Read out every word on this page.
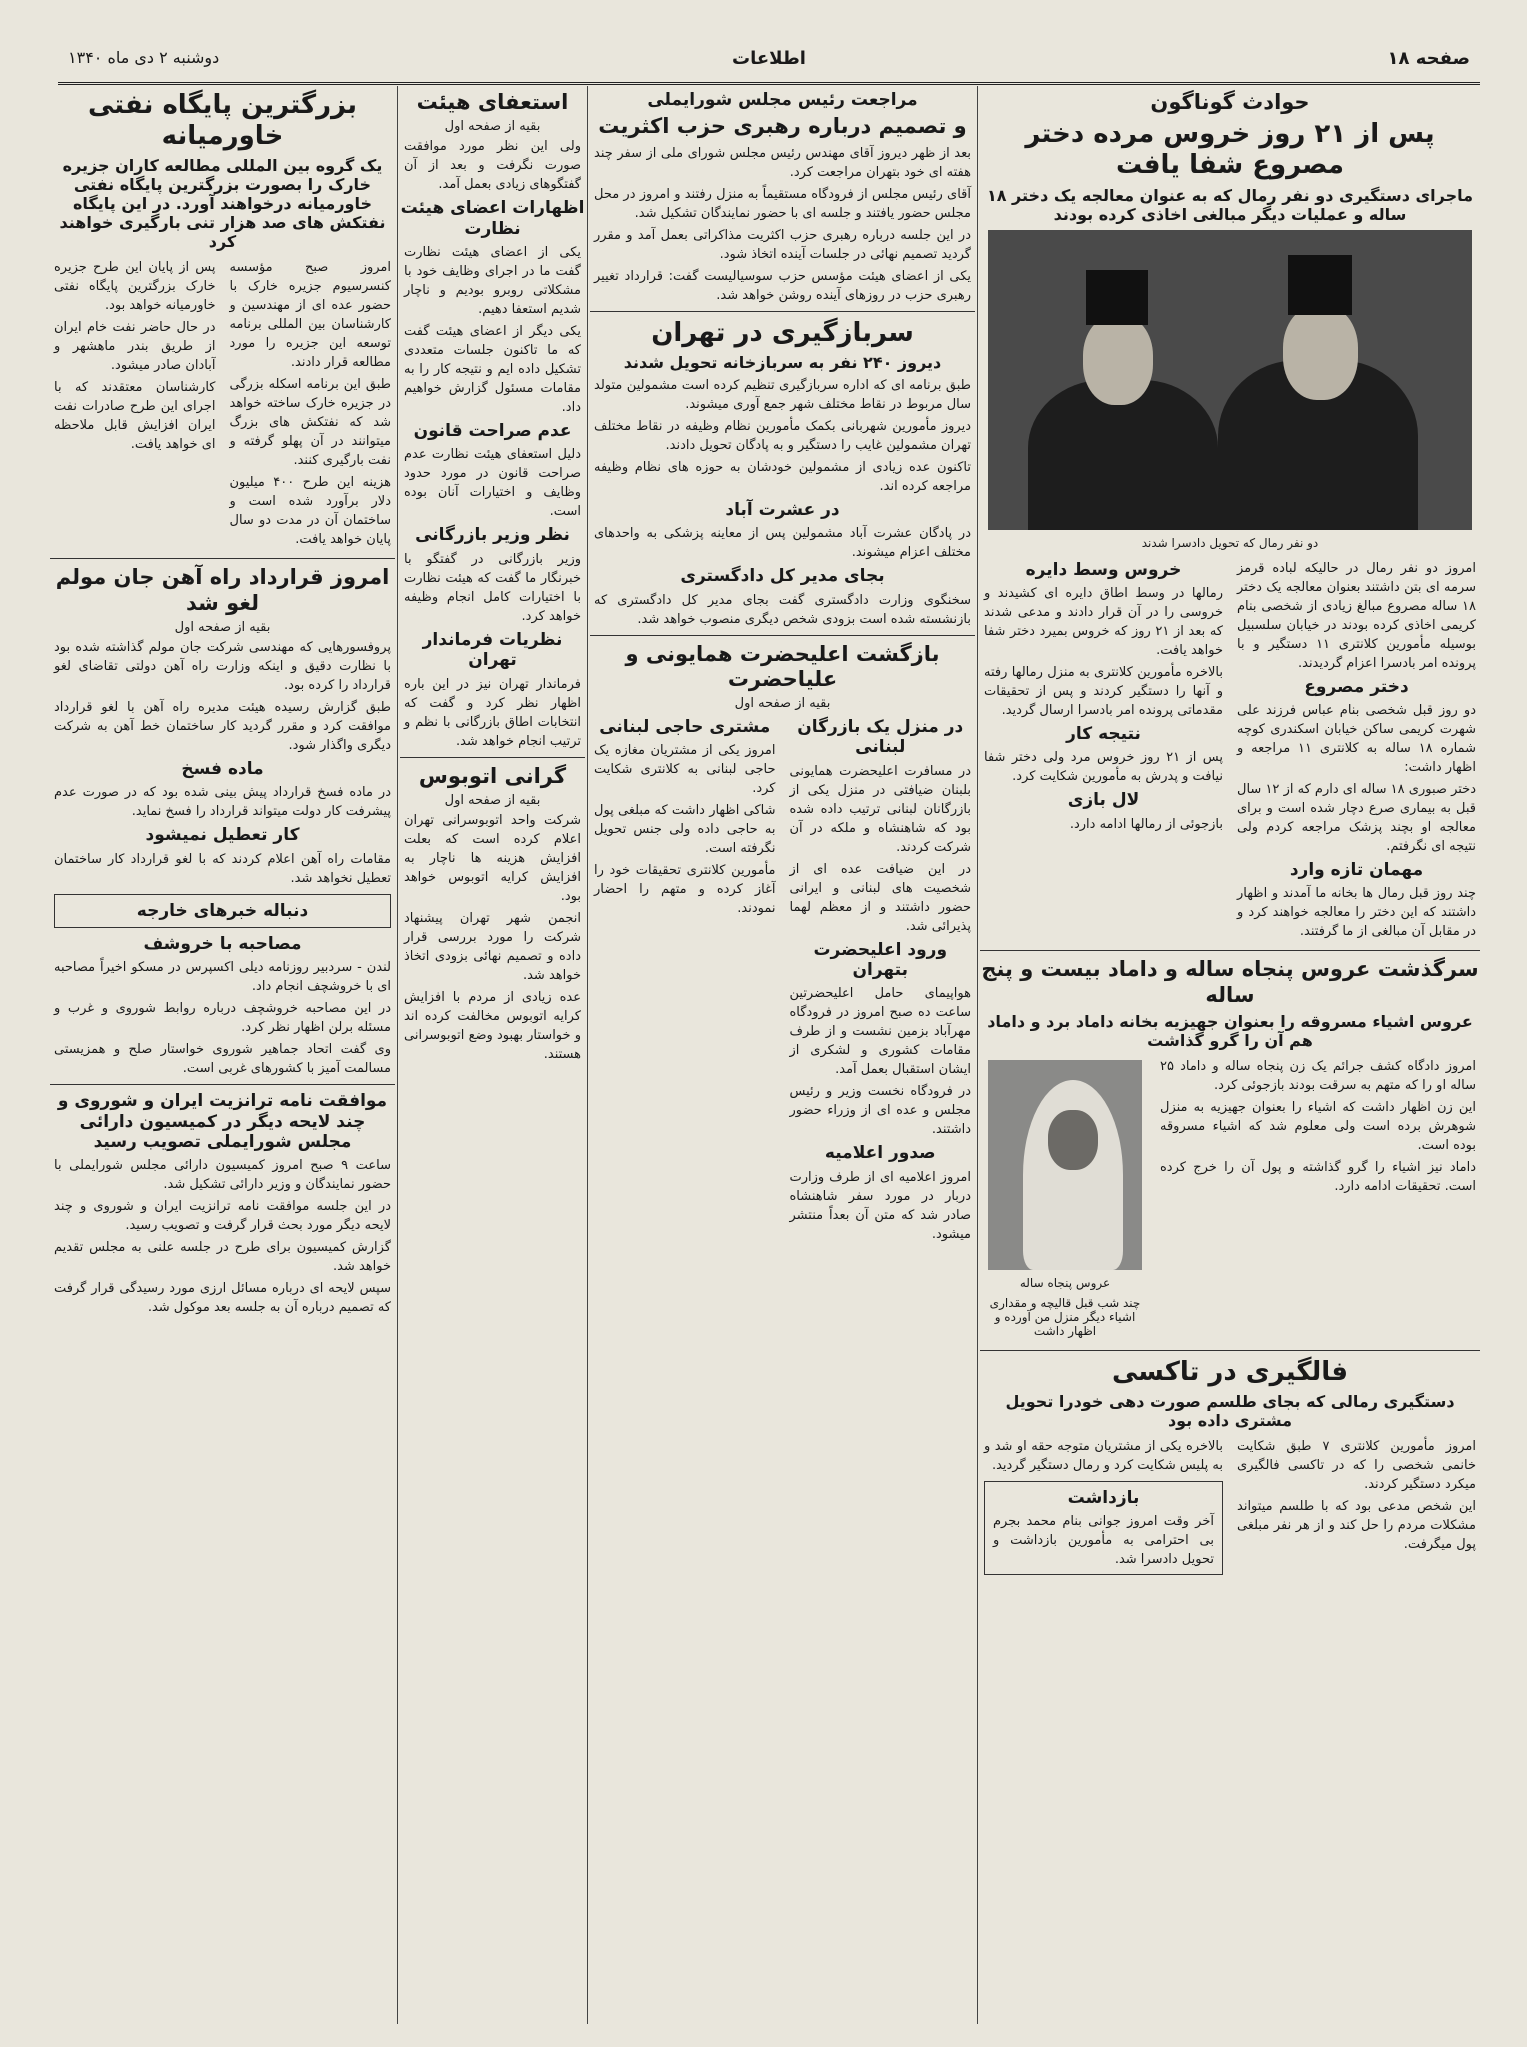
صفحه ۱۸
اطلاعات
دوشنبه ۲ دی ماه ۱۳۴۰
حوادث گوناگون
پس از ۲۱ روز خروس مرده دختر مصروع شفا یافت
ماجرای دستگیری دو نفر رمال که به عنوان معالجه یک دختر ۱۸ ساله و عملیات دیگر مبالغی اخاذی کرده بودند
دو نفر رمال که تحویل دادسرا شدند

امروز دو نفر رمال در حالیکه لباده قرمز سرمه ای بتن داشتند بعنوان معالجه یک دختر ۱۸ ساله مصروع مبالغ زیادی از شخصی بنام کریمی اخاذی کرده بودند در خیابان سلسبیل بوسیله مأمورین کلانتری ۱۱ دستگیر و با پرونده امر بادسرا اعزام گردیدند.

دختر مصروع

دو روز قبل شخصی بنام عباس فرزند علی شهرت کریمی ساکن خیابان اسکندری کوچه شماره ۱۸ ساله به کلانتری ۱۱ مراجعه و اظهار داشت:

دختر صبوری ۱۸ ساله ای دارم که از ۱۲ سال قبل به بیماری صرع دچار شده است و برای معالجه او بچند پزشک مراجعه کردم ولی نتیجه ای نگرفتم.

مهمان تازه وارد

چند روز قبل رمال ها بخانه ما آمدند و اظهار داشتند که این دختر را معالجه خواهند کرد و در مقابل آن مبالغی از ما گرفتند.

خروس وسط دایره

رمالها در وسط اطاق دایره ای کشیدند و خروسی را در آن قرار دادند و مدعی شدند که بعد از ۲۱ روز که خروس بمیرد دختر شفا خواهد یافت.

بالاخره مأمورین کلانتری به منزل رمالها رفته و آنها را دستگیر کردند و پس از تحقیقات مقدماتی پرونده امر بادسرا ارسال گردید.

نتیجه کار

پس از ۲۱ روز خروس مرد ولی دختر شفا نیافت و پدرش به مأمورین شکایت کرد.

لال بازی

بازجوئی از رمالها ادامه دارد.

سرگذشت عروس پنجاه ساله و داماد بیست و پنج ساله
عروس اشیاء مسروقه را بعنوان جهیزیه بخانه داماد برد و داماد هم آن را گرو گذاشت

امروز دادگاه کشف جرائم یک زن پنجاه ساله و داماد ۲۵ ساله او را که متهم به سرقت بودند بازجوئی کرد.

این زن اظهار داشت که اشیاء را بعنوان جهیزیه به منزل شوهرش برده است ولی معلوم شد که اشیاء مسروقه بوده است.

داماد نیز اشیاء را گرو گذاشته و پول آن را خرج کرده است. تحقیقات ادامه دارد.

عروس پنجاه ساله
چند شب قبل قالیچه و مقداری اشیاء دیگر منزل من آورده و اظهار داشت
فالگیری در تاکسی
دستگیری رمالی که بجای طلسم صورت دهی خودرا تحویل مشتری داده بود

امروز مأمورین کلانتری ۷ طبق شکایت خانمی شخصی را که در تاکسی فالگیری میکرد دستگیر کردند.

این شخص مدعی بود که با طلسم میتواند مشکلات مردم را حل کند و از هر نفر مبلغی پول میگرفت.

بالاخره یکی از مشتریان متوجه حقه او شد و به پلیس شکایت کرد و رمال دستگیر گردید.

بازداشت

آخر وقت امروز جوانی بنام محمد بجرم بی احترامی به مأمورین بازداشت و تحویل دادسرا شد.

مراجعت رئیس مجلس شورایملی
و تصمیم درباره رهبری حزب اکثریت

بعد از ظهر دیروز آقای مهندس رئیس مجلس شورای ملی از سفر چند هفته ای خود بتهران مراجعت کرد.

آقای رئیس مجلس از فرودگاه مستقیماً به منزل رفتند و امروز در محل مجلس حضور یافتند و جلسه ای با حضور نمایندگان تشکیل شد.

در این جلسه درباره رهبری حزب اکثریت مذاکراتی بعمل آمد و مقرر گردید تصمیم نهائی در جلسات آینده اتخاذ شود.

یکی از اعضای هیئت مؤسس حزب سوسیالیست گفت: قرارداد تغییر رهبری حزب در روزهای آینده روشن خواهد شد.

سربازگیری در تهران
دیروز ۲۴۰ نفر به سربازخانه تحویل شدند

طبق برنامه ای که اداره سربازگیری تنظیم کرده است مشمولین متولد سال مربوط در نقاط مختلف شهر جمع آوری میشوند.

دیروز مأمورین شهربانی بکمک مأمورین نظام وظیفه در نقاط مختلف تهران مشمولین غایب را دستگیر و به پادگان تحویل دادند.

تاکنون عده زیادی از مشمولین خودشان به حوزه های نظام وظیفه مراجعه کرده اند.

در عشرت آباد

در پادگان عشرت آباد مشمولین پس از معاینه پزشکی به واحدهای مختلف اعزام میشوند.

بجای مدیر کل دادگستری

سخنگوی وزارت دادگستری گفت بجای مدیر کل دادگستری که بازنشسته شده است بزودی شخص دیگری منصوب خواهد شد.

بازگشت اعلیحضرت همایونی و علیاحضرت
بقیه از صفحه اول
در منزل یک بازرگان لبنانی

در مسافرت اعلیحضرت همایونی بلبنان ضیافتی در منزل یکی از بازرگانان لبنانی ترتیب داده شده بود که شاهنشاه و ملکه در آن شرکت کردند.

در این ضیافت عده ای از شخصیت های لبنانی و ایرانی حضور داشتند و از معظم لهما پذیرائی شد.

ورود اعلیحضرت بتهران

هواپیمای حامل اعلیحضرتین ساعت ده صبح امروز در فرودگاه مهرآباد بزمین نشست و از طرف مقامات کشوری و لشکری از ایشان استقبال بعمل آمد.

در فرودگاه نخست وزیر و رئیس مجلس و عده ای از وزراء حضور داشتند.

صدور اعلامیه

امروز اعلامیه ای از طرف وزارت دربار در مورد سفر شاهنشاه صادر شد که متن آن بعداً منتشر میشود.

مشتری حاجی لبنانی

امروز یکی از مشتریان مغازه یک حاجی لبنانی به کلانتری شکایت کرد.

شاکی اظهار داشت که مبلغی پول به حاجی داده ولی جنس تحویل نگرفته است.

مأمورین کلانتری تحقیقات خود را آغاز کرده و متهم را احضار نمودند.

استعفای هیئت
بقیه از صفحه اول

ولی این نظر مورد موافقت صورت نگرفت و بعد از آن گفتگوهای زیادی بعمل آمد.

اظهارات اعضای هیئت نظارت

یکی از اعضای هیئت نظارت گفت ما در اجرای وظایف خود با مشکلاتی روبرو بودیم و ناچار شدیم استعفا دهیم.

یکی دیگر از اعضای هیئت گفت که ما تاکنون جلسات متعددی تشکیل داده ایم و نتیجه کار را به مقامات مسئول گزارش خواهیم داد.

عدم صراحت قانون

دلیل استعفای هیئت نظارت عدم صراحت قانون در مورد حدود وظایف و اختیارات آنان بوده است.

نظر وزیر بازرگانی

وزیر بازرگانی در گفتگو با خبرنگار ما گفت که هیئت نظارت با اختیارات کامل انجام وظیفه خواهد کرد.

نظریات فرماندار تهران

فرماندار تهران نیز در این باره اظهار نظر کرد و گفت که انتخابات اطاق بازرگانی با نظم و ترتیب انجام خواهد شد.

گرانی اتوبوس
بقیه از صفحه اول

شرکت واحد اتوبوسرانی تهران اعلام کرده است که بعلت افزایش هزینه ها ناچار به افزایش کرایه اتوبوس خواهد بود.

انجمن شهر تهران پیشنهاد شرکت را مورد بررسی قرار داده و تصمیم نهائی بزودی اتخاذ خواهد شد.

عده زیادی از مردم با افزایش کرایه اتوبوس مخالفت کرده اند و خواستار بهبود وضع اتوبوسرانی هستند.

بزرگترین پایگاه نفتی خاورمیانه
یک گروه بین المللی مطالعه کاران جزیره خارک را بصورت بزرگترین پایگاه نفتی خاورمیانه درخواهند آورد. در این پایگاه نفتکش های صد هزار تنی بارگیری خواهند کرد

امروز صبح مؤسسه کنسرسیوم جزیره خارک با حضور عده ای از مهندسین و کارشناسان بین المللی برنامه توسعه این جزیره را مورد مطالعه قرار دادند.

طبق این برنامه اسکله بزرگی در جزیره خارک ساخته خواهد شد که نفتکش های بزرگ میتوانند در آن پهلو گرفته و نفت بارگیری کنند.

هزینه این طرح ۴۰۰ میلیون دلار برآورد شده است و ساختمان آن در مدت دو سال پایان خواهد یافت.

پس از پایان این طرح جزیره خارک بزرگترین پایگاه نفتی خاورمیانه خواهد بود.

در حال حاضر نفت خام ایران از طریق بندر ماهشهر و آبادان صادر میشود.

کارشناسان معتقدند که با اجرای این طرح صادرات نفت ایران افزایش قابل ملاحظه ای خواهد یافت.

امروز قرارداد راه آهن جان مولم لغو شد
بقیه از صفحه اول

پروفسورهایی که مهندسی شرکت جان مولم گذاشته شده بود با نظارت دقیق و اینکه وزارت راه آهن دولتی تقاضای لغو قرارداد را کرده بود.

طبق گزارش رسیده هیئت مدیره راه آهن با لغو قرارداد موافقت کرد و مقرر گردید کار ساختمان خط آهن به شرکت دیگری واگذار شود.

ماده فسخ

در ماده فسخ قرارداد پیش بینی شده بود که در صورت عدم پیشرفت کار دولت میتواند قرارداد را فسخ نماید.

کار تعطیل نمیشود

مقامات راه آهن اعلام کردند که با لغو قرارداد کار ساختمان تعطیل نخواهد شد.

دنباله خبرهای خارجه
مصاحبه با خروشف

لندن - سردبیر روزنامه دیلی اکسپرس در مسکو اخیراً مصاحبه ای با خروشچف انجام داد.

در این مصاحبه خروشچف درباره روابط شوروی و غرب و مسئله برلن اظهار نظر کرد.

وی گفت اتحاد جماهیر شوروی خواستار صلح و همزیستی مسالمت آمیز با کشورهای غربی است.

موافقت نامه ترانزیت ایران و شوروی و چند لایحه دیگر در کمیسیون دارائی مجلس شورایملی تصویب رسید

ساعت ۹ صبح امروز کمیسیون دارائی مجلس شورایملی با حضور نمایندگان و وزیر دارائی تشکیل شد.

در این جلسه موافقت نامه ترانزیت ایران و شوروی و چند لایحه دیگر مورد بحث قرار گرفت و تصویب رسید.

گزارش کمیسیون برای طرح در جلسه علنی به مجلس تقدیم خواهد شد.

سپس لایحه ای درباره مسائل ارزی مورد رسیدگی قرار گرفت که تصمیم درباره آن به جلسه بعد موکول شد.
